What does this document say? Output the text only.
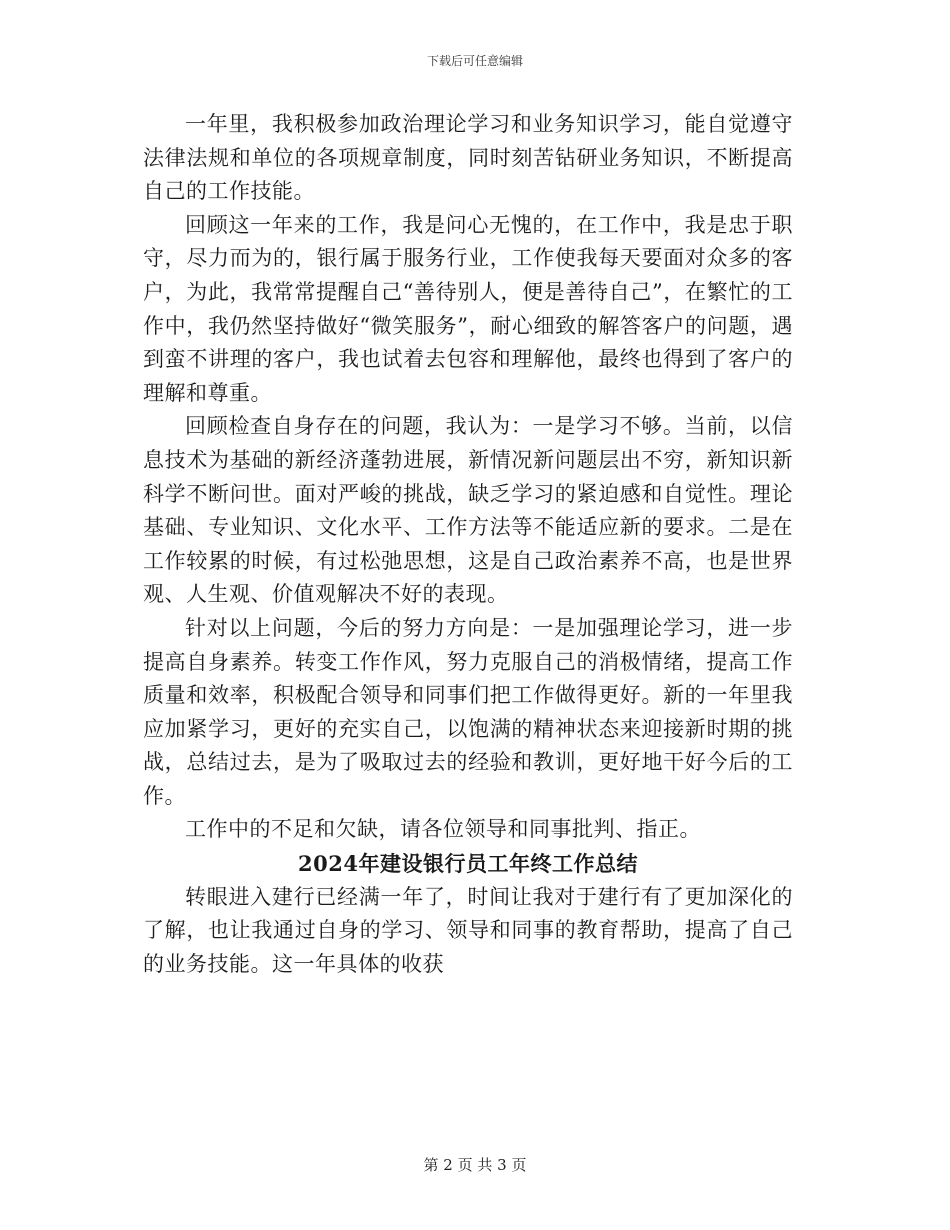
下载后可任意编辑

一年里，我积极参加政治理论学习和业务知识学习，能自觉遵守法律法规和单位的各项规章制度，同时刻苦钻研业务知识，不断提高自己的工作技能。

回顾这一年来的工作，我是问心无愧的，在工作中，我是忠于职守，尽力而为的，银行属于服务行业，工作使我每天要面对众多的客户，为此，我常常提醒自己“善待别人，便是善待自己”，在繁忙的工作中，我仍然坚持做好“微笑服务”，耐心细致的解答客户的问题，遇到蛮不讲理的客户，我也试着去包容和理解他，最终也得到了客户的理解和尊重。

回顾检查自身存在的问题，我认为：一是学习不够。当前，以信息技术为基础的新经济蓬勃进展，新情况新问题层出不穷，新知识新科学不断问世。面对严峻的挑战，缺乏学习的紧迫感和自觉性。理论基础、专业知识、文化水平、工作方法等不能适应新的要求。二是在工作较累的时候，有过松弛思想，这是自己政治素养不高，也是世界观、人生观、价值观解决不好的表现。

针对以上问题，今后的努力方向是：一是加强理论学习，进一步提高自身素养。转变工作作风，努力克服自己的消极情绪，提高工作质量和效率，积极配合领导和同事们把工作做得更好。新的一年里我应加紧学习，更好的充实自己，以饱满的精神状态来迎接新时期的挑战，总结过去，是为了吸取过去的经验和教训，更好地干好今后的工作。

工作中的不足和欠缺，请各位领导和同事批判、指正。

2024年建设银行员工年终工作总结

转眼进入建行已经满一年了，时间让我对于建行有了更加深化的了解，也让我通过自身的学习、领导和同事的教育帮助，提高了自己的业务技能。这一年具体的收获

第 2 页 共 3 页
